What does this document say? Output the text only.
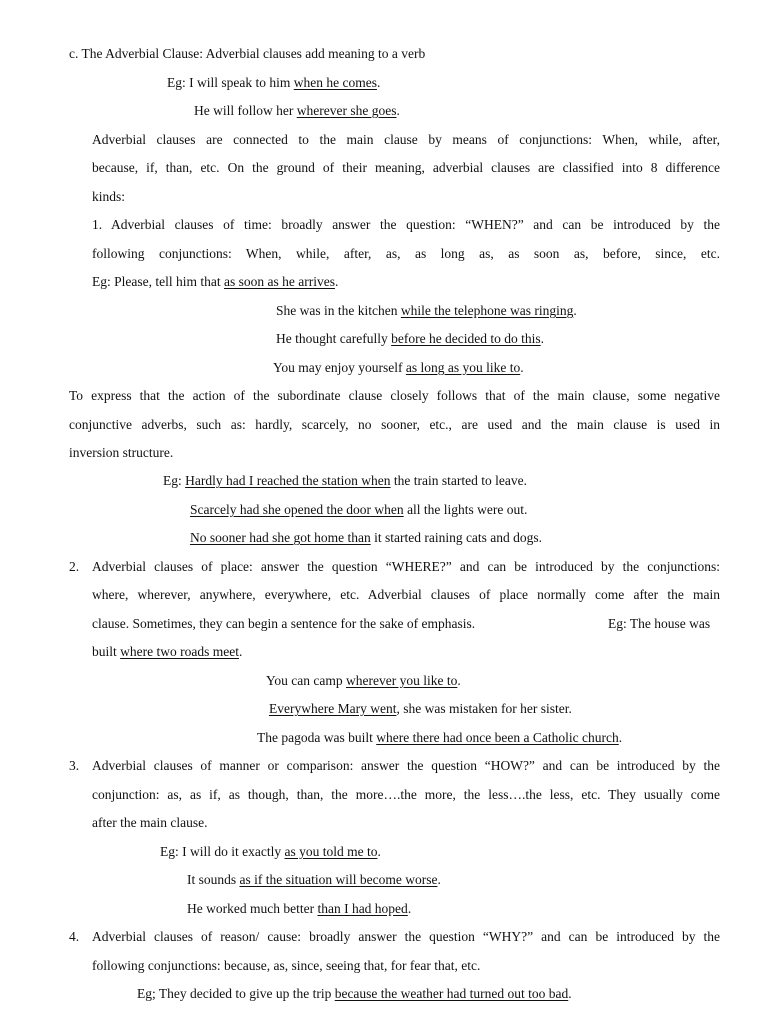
c. The Adverbial Clause: Adverbial clauses add meaning to a verb
Eg: I will speak to him when he comes.
He will follow her wherever she goes.
Adverbial clauses are connected to the main clause by means of conjunctions: When, while, after,
because, if, than, etc. On the ground of their meaning, adverbial clauses are classified into 8 difference
kinds:
1. Adverbial clauses of time: broadly answer the question: “WHEN?” and can be introduced by the
following conjunctions: When, while, after, as, as long as, as soon as, before, since, etc.
Eg: Please, tell him that as soon as he arrives.
She was in the kitchen while the telephone was ringing.
He thought carefully before he decided to do this.
You may enjoy yourself as long as you like to.
To express that the action of the subordinate clause closely follows that of the main clause, some negative
conjunctive adverbs, such as: hardly, scarcely, no sooner, etc., are used and the main clause is used in
inversion structure.
Eg: Hardly had I reached the station when the train started to leave.
Scarcely had she opened the door when all the lights were out.
No sooner had she got home than it started raining cats and dogs.
2. Adverbial clauses of place: answer the question “WHERE?” and can be introduced by the conjunctions:
where, wherever, anywhere, everywhere, etc. Adverbial clauses of place normally come after the main
clause. Sometimes, they can begin a sentence for the sake of emphasis.	Eg: The house was
built where two roads meet.
You can camp wherever you like to.
Everywhere Mary went, she was mistaken for her sister.
The pagoda was built where there had once been a Catholic church.
3. Adverbial clauses of manner or comparison: answer the question “HOW?” and can be introduced by the
conjunction: as, as if, as though, than, the more….the more, the less….the less, etc. They usually come
after the main clause.
Eg: I will do it exactly as you told me to.
It sounds as if the situation will become worse.
He worked much better than I had hoped.
4. Adverbial clauses of reason/ cause: broadly answer the question “WHY?” and can be introduced by the
following conjunctions: because, as, since, seeing that, for fear that, etc.
Eg; They decided to give up the trip because the weather had turned out too bad.
